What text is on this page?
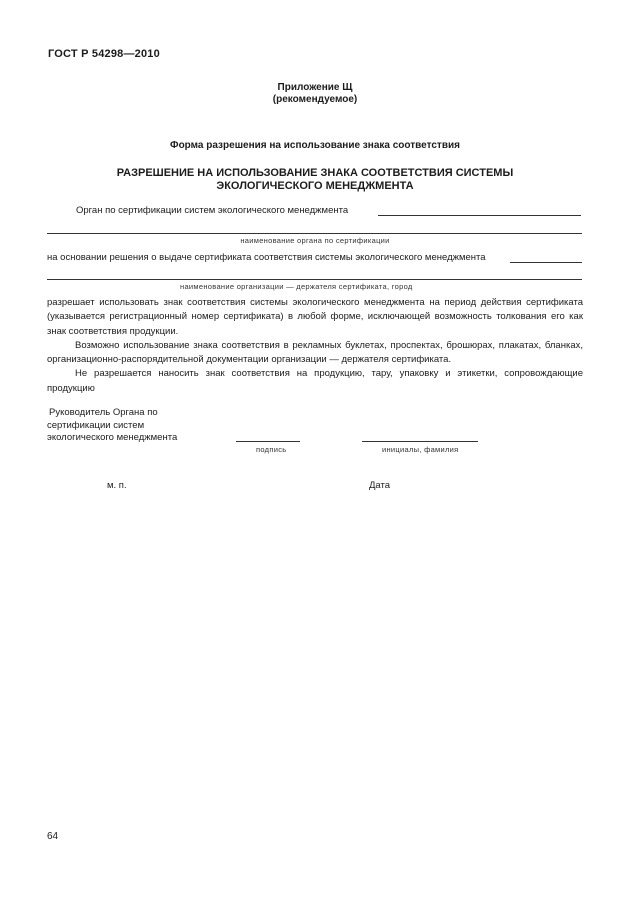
ГОСТ Р 54298—2010
Приложение Щ
(рекомендуемое)
Форма разрешения на использование знака соответствия
РАЗРЕШЕНИЕ НА ИСПОЛЬЗОВАНИЕ ЗНАКА СООТВЕТСТВИЯ СИСТЕМЫ
ЭКОЛОГИЧЕСКОГО МЕНЕДЖМЕНТА
Орган по сертификации систем экологического менеджмента
наименование органа по сертификации
на основании решения о выдаче сертификата соответствия системы экологического менеджмента
наименование организации — держателя сертификата, город

разрешает использовать знак соответствия системы экологического менеджмента на период действия сертификата (указывается регистрационный номер сертификата) в любой форме, исключающей возможность толкования его как знак соответствия продукции.

Возможно использование знака соответствия в рекламных буклетах, проспектах, брошюрах, плакатах, бланках, организационно-распорядительной документации организации — держателя сертификата.

Не разрешается наносить знак соответствия на продукцию, тару, упаковку и этикетки, сопровождающие продукцию

Руководитель Органа по
сертификации систем
экологического менеджмента
подпись	инициалы, фамилия
м. п.	Дата
64
